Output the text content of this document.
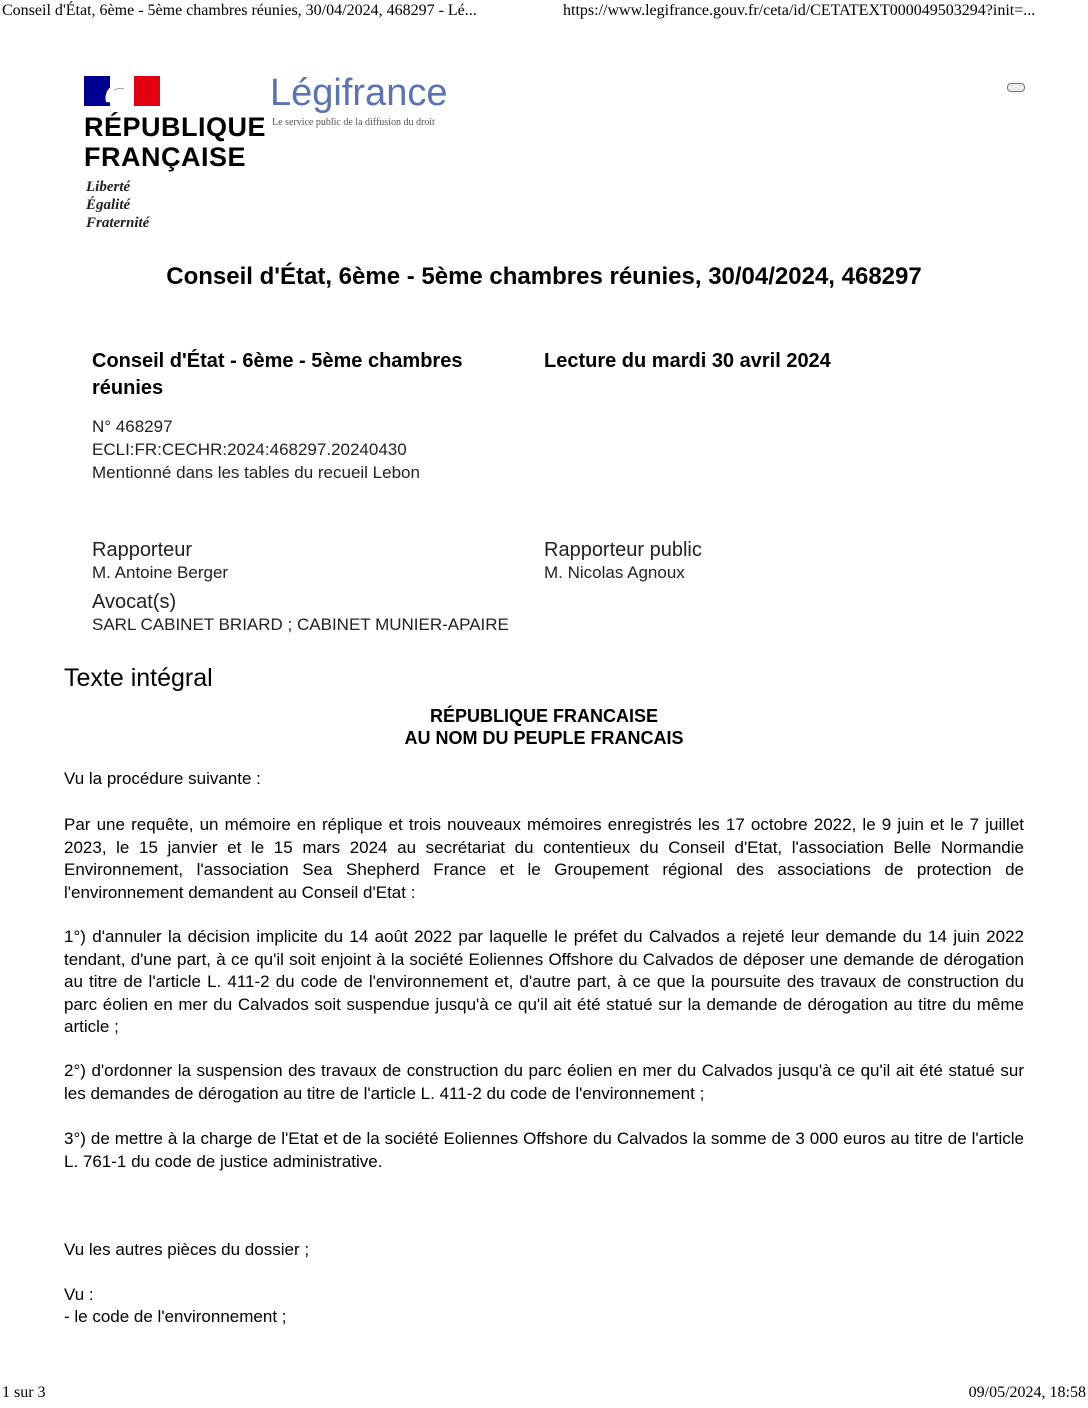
Conseil d'État, 6ème - 5ème chambres réunies, 30/04/2024, 468297 - Lé...	https://www.legifrance.gouv.fr/ceta/id/CETATEXT000049503294?init=...
RÉPUBLIQUE
FRANÇAISE
Liberté
Égalité
Fraternité
Légifrance
Le service public de la diffusion du droit
Conseil d'État, 6ème - 5ème chambres réunies, 30/04/2024, 468297
Conseil d'État - 6ème - 5ème chambres réunies
Lecture du mardi 30 avril 2024
N° 468297
ECLI:FR:CECHR:2024:468297.20240430
Mentionné dans les tables du recueil Lebon
Rapporteur
M. Antoine Berger
Rapporteur public
M. Nicolas Agnoux
Avocat(s)
SARL CABINET BRIARD ; CABINET MUNIER-APAIRE
Texte intégral
RÉPUBLIQUE FRANCAISE
AU NOM DU PEUPLE FRANCAIS
Vu la procédure suivante :
Par une requête, un mémoire en réplique et trois nouveaux mémoires enregistrés les 17 octobre 2022, le 9 juin et le 7 juillet 2023, le 15 janvier et le 15 mars 2024 au secrétariat du contentieux du Conseil d'Etat, l'association Belle Normandie Environnement, l'association Sea Shepherd France et le Groupement régional des associations de protection de l'environnement demandent au Conseil d'Etat :
1°) d'annuler la décision implicite du 14 août 2022 par laquelle le préfet du Calvados a rejeté leur demande du 14 juin 2022 tendant, d'une part, à ce qu'il soit enjoint à la société Eoliennes Offshore du Calvados de déposer une demande de dérogation au titre de l'article L. 411-2 du code de l'environnement et, d'autre part, à ce que la poursuite des travaux de construction du parc éolien en mer du Calvados soit suspendue jusqu'à ce qu'il ait été statué sur la demande de dérogation au titre du même article ;
2°) d'ordonner la suspension des travaux de construction du parc éolien en mer du Calvados jusqu'à ce qu'il ait été statué sur les demandes de dérogation au titre de l'article L. 411-2 du code de l'environnement ;
3°) de mettre à la charge de l'Etat et de la société Eoliennes Offshore du Calvados la somme de 3 000 euros au titre de l'article L. 761-1 du code de justice administrative.
Vu les autres pièces du dossier ;
Vu :
- le code de l'environnement ;
1 sur 3	09/05/2024, 18:58
